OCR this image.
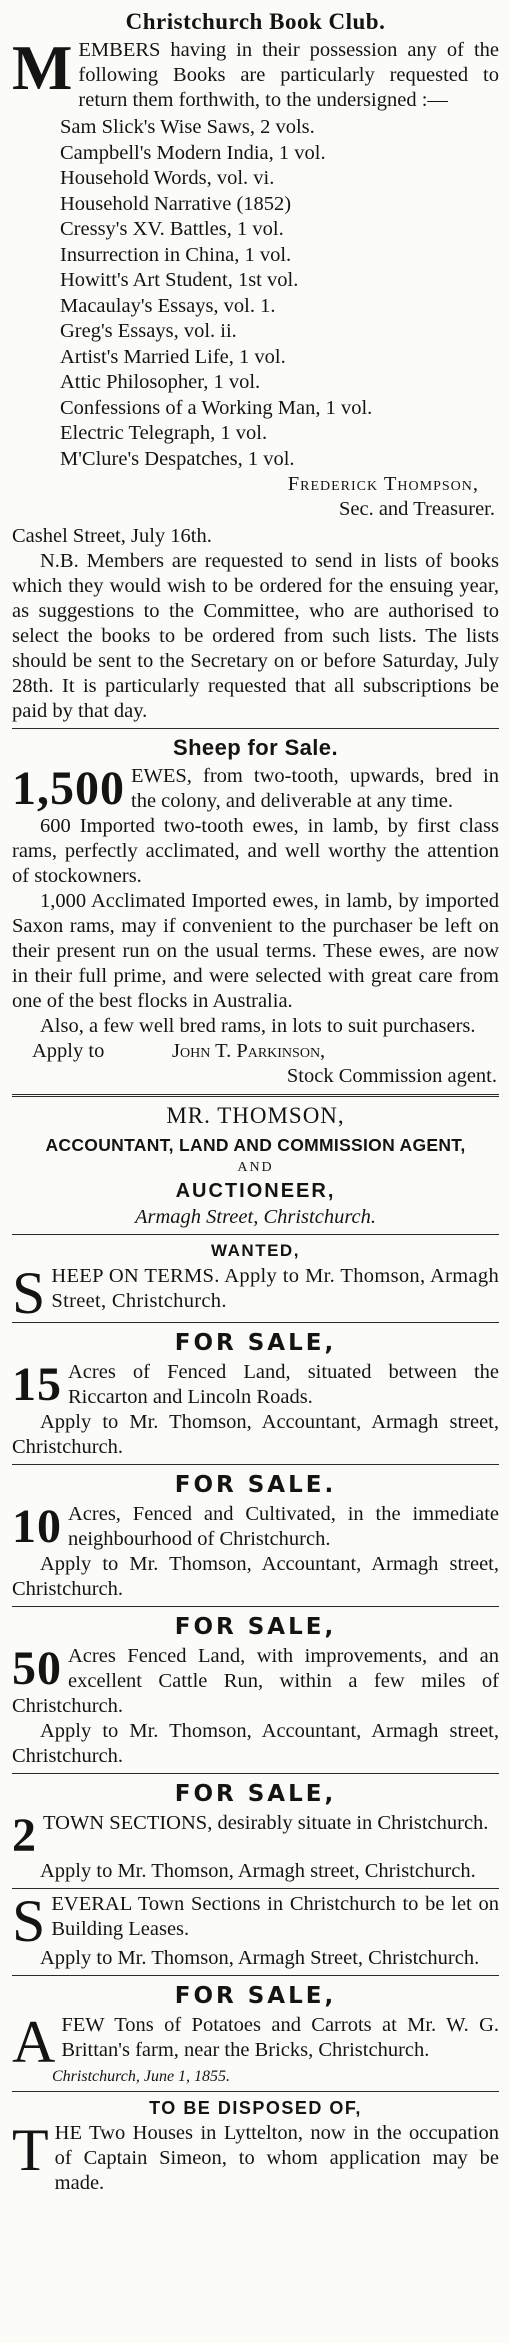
Christchurch Book Club.
M EMBERS having in their possession any of the following Books are particularly requested to return them forthwith, to the undersigned :—

Sam Slick's Wise Saws, 2 vols.
Campbell's Modern India, 1 vol.
Household Words, vol. vi.
Household Narrative (1852)
Cressy's XV. Battles, 1 vol.
Insurrection in China, 1 vol.
Howitt's Art Student, 1st vol.
Macaulay's Essays, vol. 1.
Greg's Essays, vol. ii.
Artist's Married Life, 1 vol.
Attic Philosopher, 1 vol.
Confessions of a Working Man, 1 vol.
Electric Telegraph, 1 vol.
M'Clure's Despatches, 1 vol.
Frederick Thompson,
Sec. and Treasurer.
Cashel Street, July 16th.

N.B. Members are requested to send in lists of books which they would wish to be ordered for the ensuing year, as suggestions to the Committee, who are authorised to select the books to be ordered from such lists. The lists should be sent to the Secretary on or before Saturday, July 28th. It is particularly requested that all subscriptions be paid by that day.

Sheep for Sale.
1,500 EWES, from two-tooth, upwards, bred in the colony, and deliverable at any time.

600 Imported two-tooth ewes, in lamb, by first class rams, perfectly acclimated, and well worthy the attention of stockowners.

1,000 Acclimated Imported ewes, in lamb, by imported Saxon rams, may if convenient to the purchaser be left on their present run on the usual terms. These ewes, are now in their full prime, and were selected with great care from one of the best flocks in Australia.

Also, a few well bred rams, in lots to suit purchasers.

Apply to	John T. Parkinson,
Stock Commission agent.
MR. THOMSON,
ACCOUNTANT, LAND AND COMMISSION AGENT,
AND
AUCTIONEER,
Armagh Street, Christchurch.
WANTED,
S HEEP ON TERMS. Apply to Mr. Thomson, Armagh Street, Christchurch.

FOR SALE,
15 Acres of Fenced Land, situated between the Riccarton and Lincoln Roads.

Apply to Mr. Thomson, Accountant, Armagh street, Christchurch.

FOR SALE.
10 Acres, Fenced and Cultivated, in the immediate neighbourhood of Christchurch.

Apply to Mr. Thomson, Accountant, Armagh street, Christchurch.

FOR SALE,
50 Acres Fenced Land, with improvements, and an excellent Cattle Run, within a few miles of Christchurch.

Apply to Mr. Thomson, Accountant, Armagh street, Christchurch.

FOR SALE,
2 TOWN SECTIONS, desirably situate in Christchurch.

Apply to Mr. Thomson, Armagh street, Christchurch.

S EVERAL Town Sections in Christchurch to be let on Building Leases.

Apply to Mr. Thomson, Armagh Street, Christchurch.

FOR SALE,
A FEW Tons of Potatoes and Carrots at Mr. W. G. Brittan's farm, near the Bricks, Christchurch.

Christchurch, June 1, 1855.
TO BE DISPOSED OF,
T HE Two Houses in Lyttelton, now in the occupation of Captain Simeon, to whom application may be made.
